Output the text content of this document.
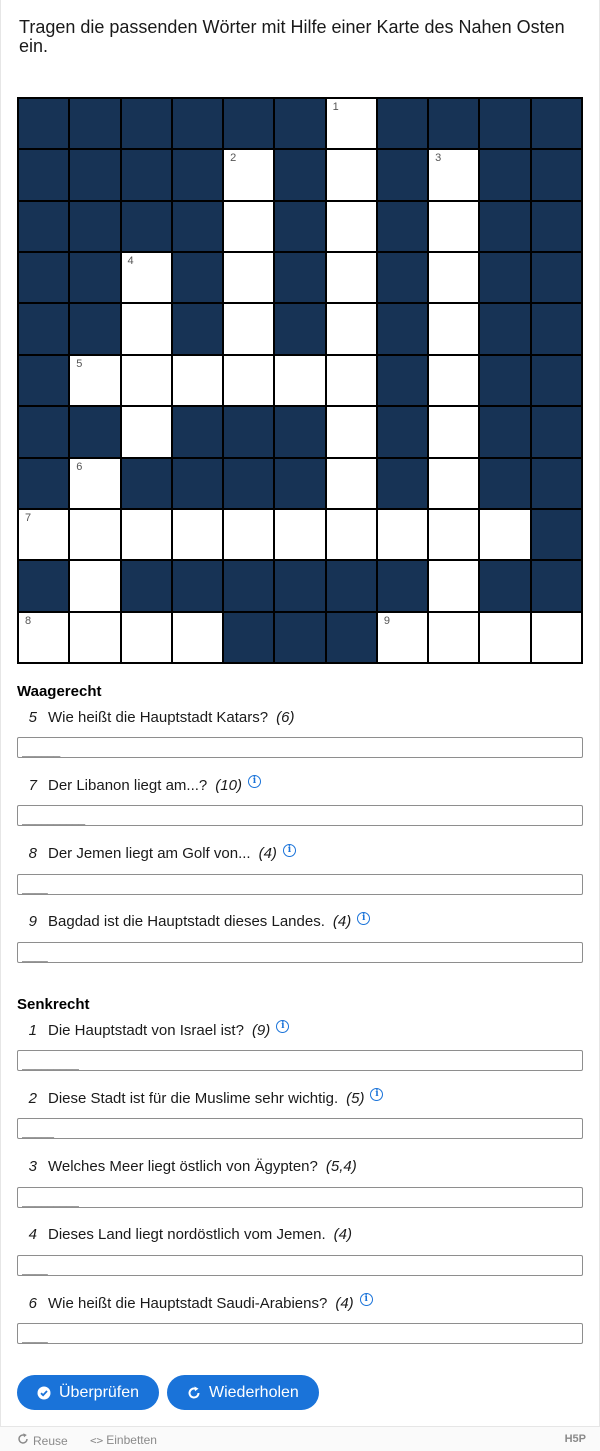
Tragen die passenden Wörter mit Hilfe einer Karte des Nahen Osten ein.
1
2	3
4
5
6
7
8	9
Waagerecht
5 Wie heißt die Hauptstadt Katars? (6)
______
7 Der Libanon liegt am...? (10)	i
__________
8 Der Jemen liegt am Golf von... (4)	i
____
9 Bagdad ist die Hauptstadt dieses Landes. (4)	i
____
Senkrecht
1 Die Hauptstadt von Israel ist? (9)	i
_________
2 Diese Stadt ist für die Muslime sehr wichtig. (5)	i
_____
3 Welches Meer liegt östlich von Ägypten? (5,4)
_________
4 Dieses Land liegt nordöstlich vom Jemen. (4)
____
6 Wie heißt die Hauptstadt Saudi-Arabiens? (4)	i
____
Überprüfen	Wiederholen
Reuse <> Einbetten	H5P
